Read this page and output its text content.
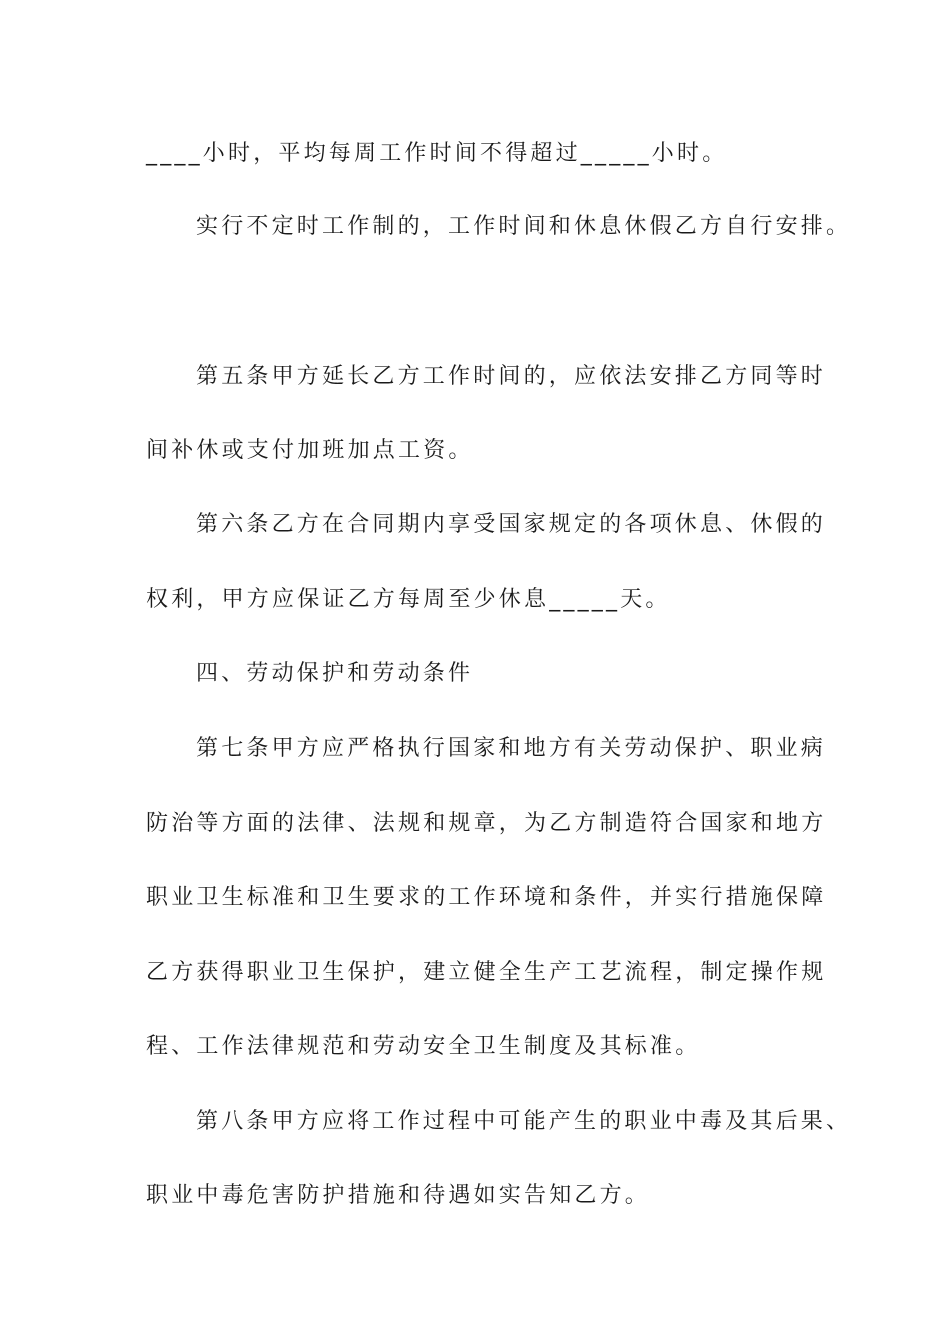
____小时，平均每周工作时间不得超过_____小时。
实行不定时工作制的，工作时间和休息休假乙方自行安排。
第五条甲方延长乙方工作时间的，应依法安排乙方同等时
间补休或支付加班加点工资。
第六条乙方在合同期内享受国家规定的各项休息、休假的
权利，甲方应保证乙方每周至少休息_____天。
四、劳动保护和劳动条件
第七条甲方应严格执行国家和地方有关劳动保护、职业病
防治等方面的法律、法规和规章，为乙方制造符合国家和地方
职业卫生标准和卫生要求的工作环境和条件，并实行措施保障
乙方获得职业卫生保护，建立健全生产工艺流程，制定操作规
程、工作法律规范和劳动安全卫生制度及其标准。
第八条甲方应将工作过程中可能产生的职业中毒及其后果、
职业中毒危害防护措施和待遇如实告知乙方。
